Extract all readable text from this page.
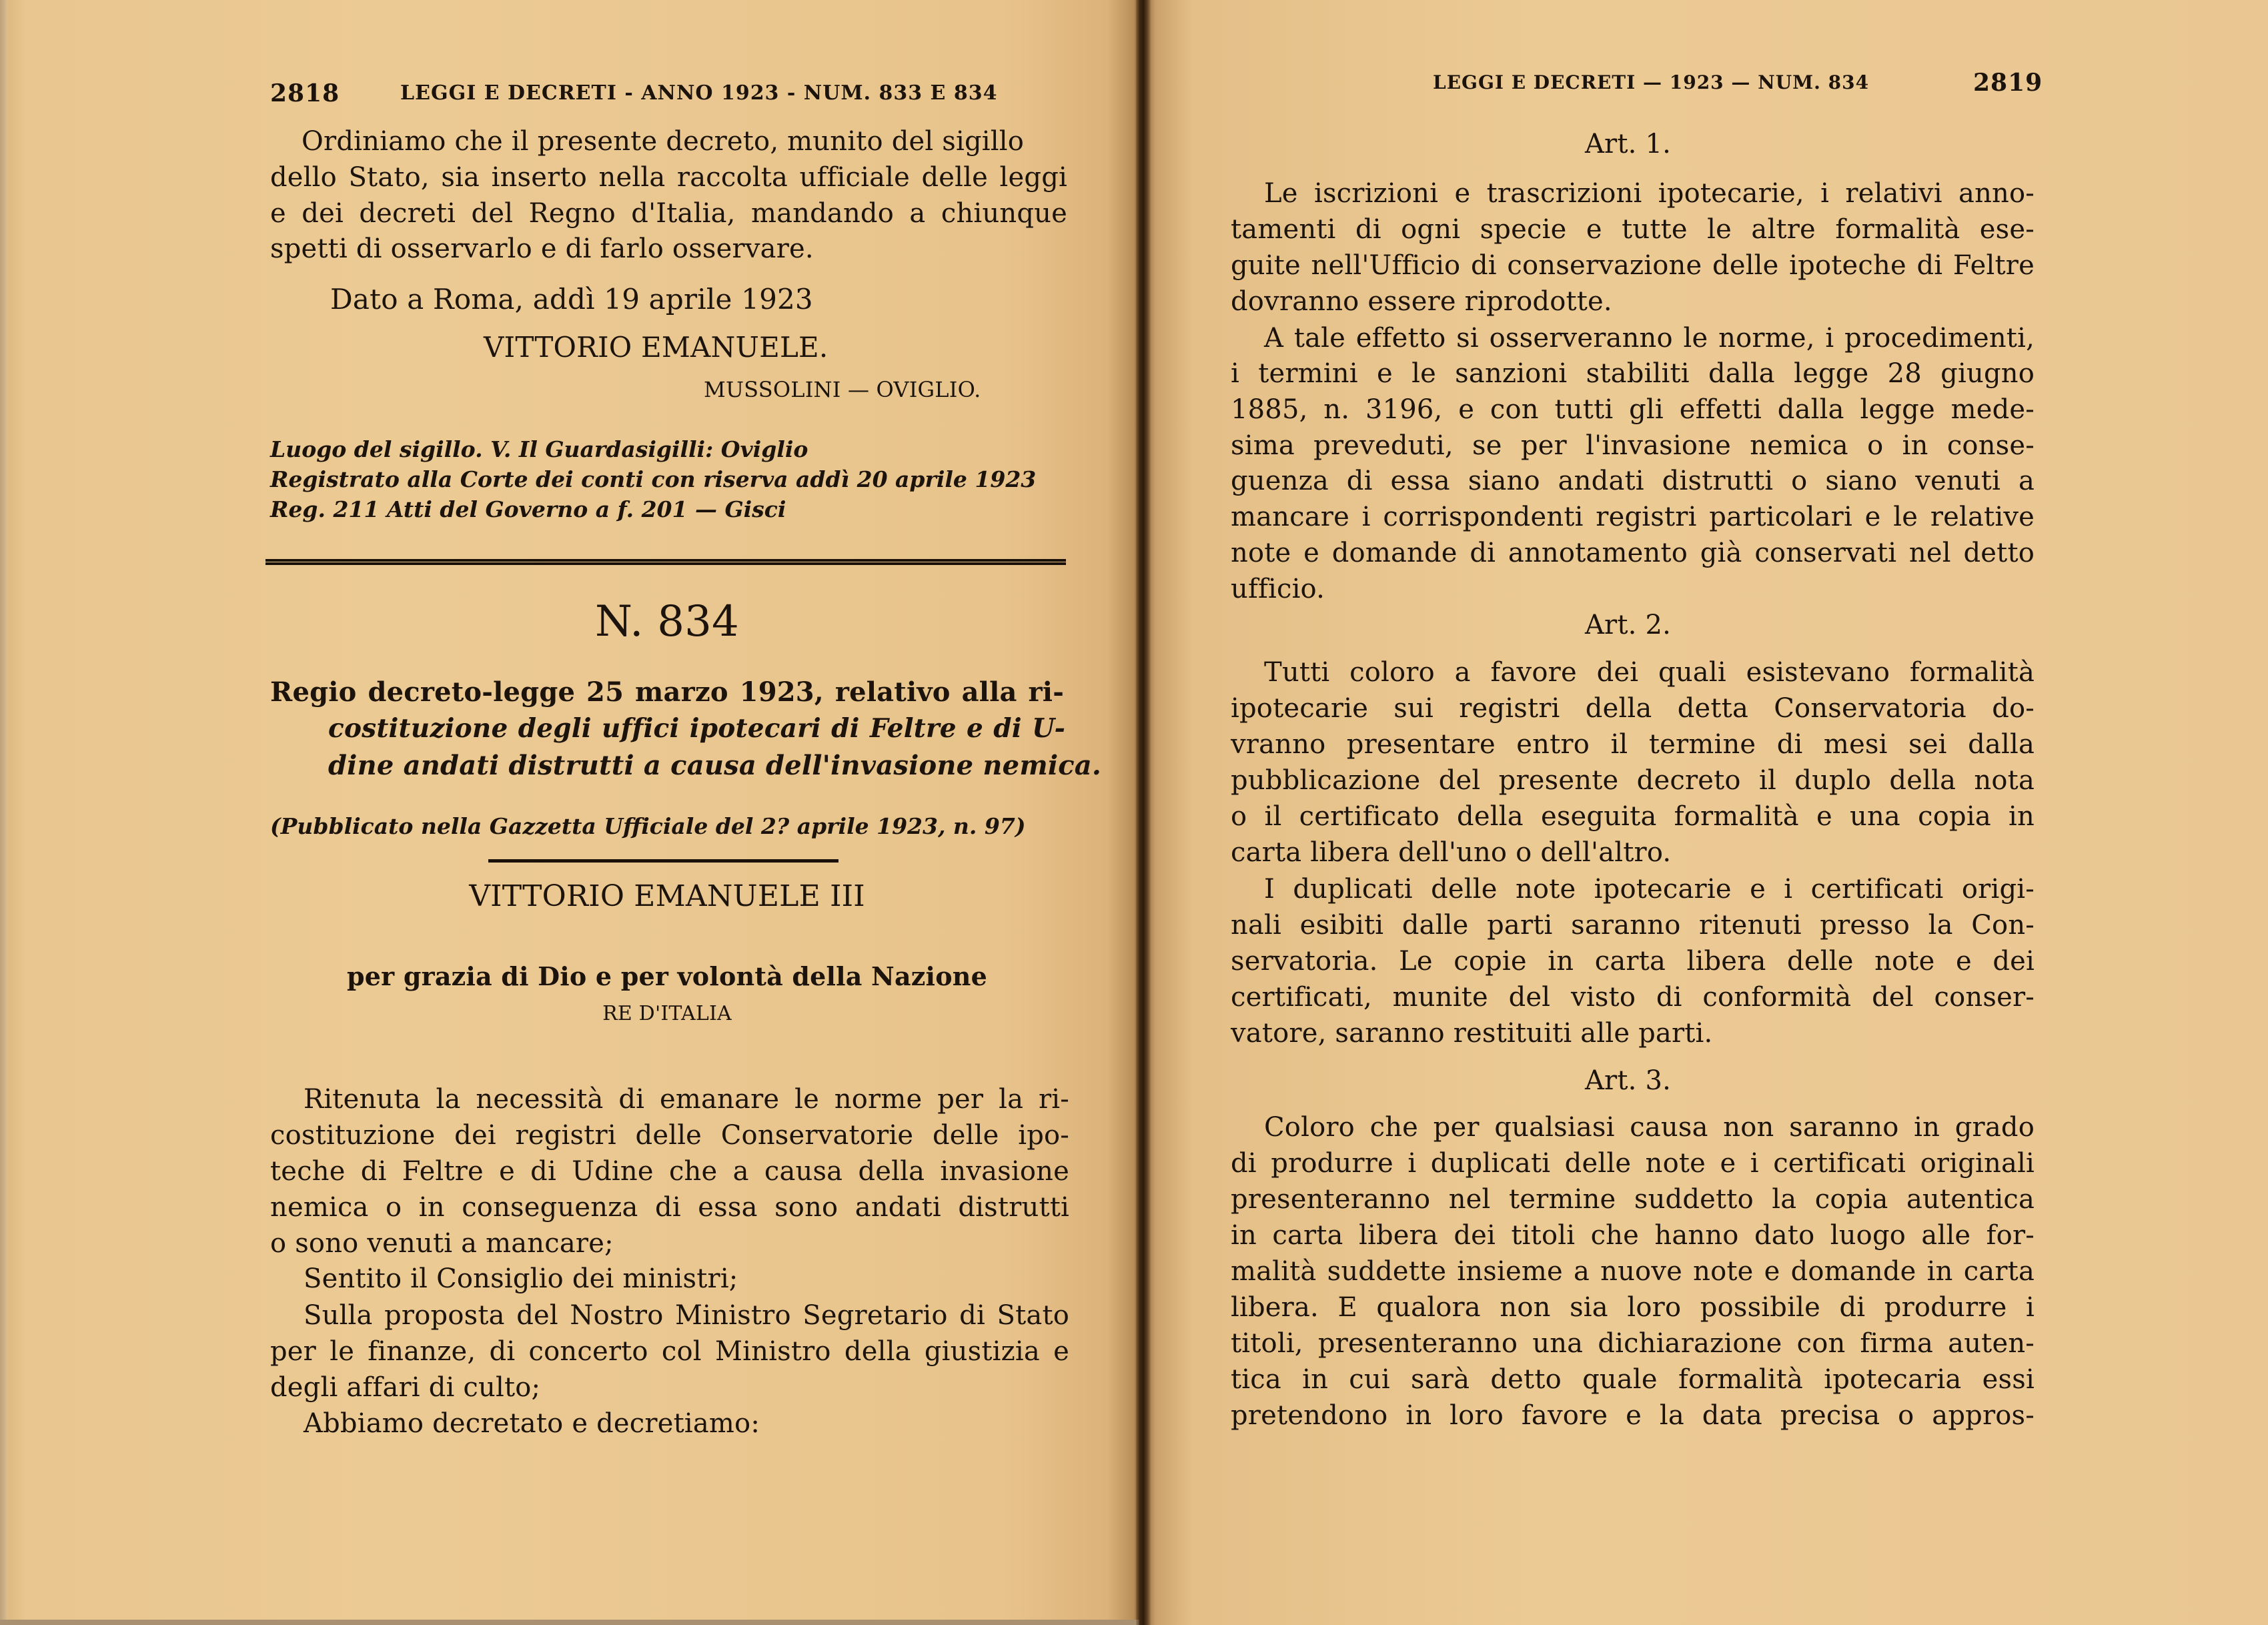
2818	LEGGI E DECRETI - ANNO 1923 - NUM. 833 E 834
Ordiniamo che il presente decreto, munito del sigillo
dello Stato, sia inserto nella raccolta ufficiale delle leggi
e dei decreti del Regno d'Italia, mandando a chiunque
spetti di osservarlo e di farlo osservare.
Dato a Roma, addì 19 aprile 1923
VITTORIO EMANUELE.
MUSSOLINI — OVIGLIO.
Luogo del sigillo. V. Il Guardasigilli: Oviglio
Registrato alla Corte dei conti con riserva addì 20 aprile 1923
Reg. 211 Atti del Governo a f. 201 — Gisci
N. 834
Regio decreto-legge 25 marzo 1923, relativo alla ri-
costituzione degli uffici ipotecari di Feltre e di U-
dine andati distrutti a causa dell'invasione nemica.
(Pubblicato nella Gazzetta Ufficiale del 2? aprile 1923, n. 97)
VITTORIO EMANUELE III
per grazia di Dio e per volontà della Nazione
RE D'ITALIA
Ritenuta la necessità di emanare le norme per la ri-
costituzione dei registri delle Conservatorie delle ipo-
teche di Feltre e di Udine che a causa della invasione
nemica o in conseguenza di essa sono andati distrutti
o sono venuti a mancare;
Sentito il Consiglio dei ministri;
Sulla proposta del Nostro Ministro Segretario di Stato
per le finanze, di concerto col Ministro della giustizia e
degli affari di culto;
Abbiamo decretato e decretiamo:
LEGGI E DECRETI — 1923 — NUM. 834	2819
Art. 1.
Le iscrizioni e trascrizioni ipotecarie, i relativi anno-
tamenti di ogni specie e tutte le altre formalità ese-
guite nell'Ufficio di conservazione delle ipoteche di Feltre
dovranno essere riprodotte.
A tale effetto si osserveranno le norme, i procedimenti,
i termini e le sanzioni stabiliti dalla legge 28 giugno
1885, n. 3196, e con tutti gli effetti dalla legge mede-
sima preveduti, se per l'invasione nemica o in conse-
guenza di essa siano andati distrutti o siano venuti a
mancare i corrispondenti registri particolari e le relative
note e domande di annotamento già conservati nel detto
ufficio.
Art. 2.
Tutti coloro a favore dei quali esistevano formalità
ipotecarie sui registri della detta Conservatoria do-
vranno presentare entro il termine di mesi sei dalla
pubblicazione del presente decreto il duplo della nota
o il certificato della eseguita formalità e una copia in
carta libera dell'uno o dell'altro.
I duplicati delle note ipotecarie e i certificati origi-
nali esibiti dalle parti saranno ritenuti presso la Con-
servatoria. Le copie in carta libera delle note e dei
certificati, munite del visto di conformità del conser-
vatore, saranno restituiti alle parti.
Art. 3.
Coloro che per qualsiasi causa non saranno in grado
di produrre i duplicati delle note e i certificati originali
presenteranno nel termine suddetto la copia autentica
in carta libera dei titoli che hanno dato luogo alle for-
malità suddette insieme a nuove note e domande in carta
libera. E qualora non sia loro possibile di produrre i
titoli, presenteranno una dichiarazione con firma auten-
tica in cui sarà detto quale formalità ipotecaria essi
pretendono in loro favore e la data precisa o appros-
